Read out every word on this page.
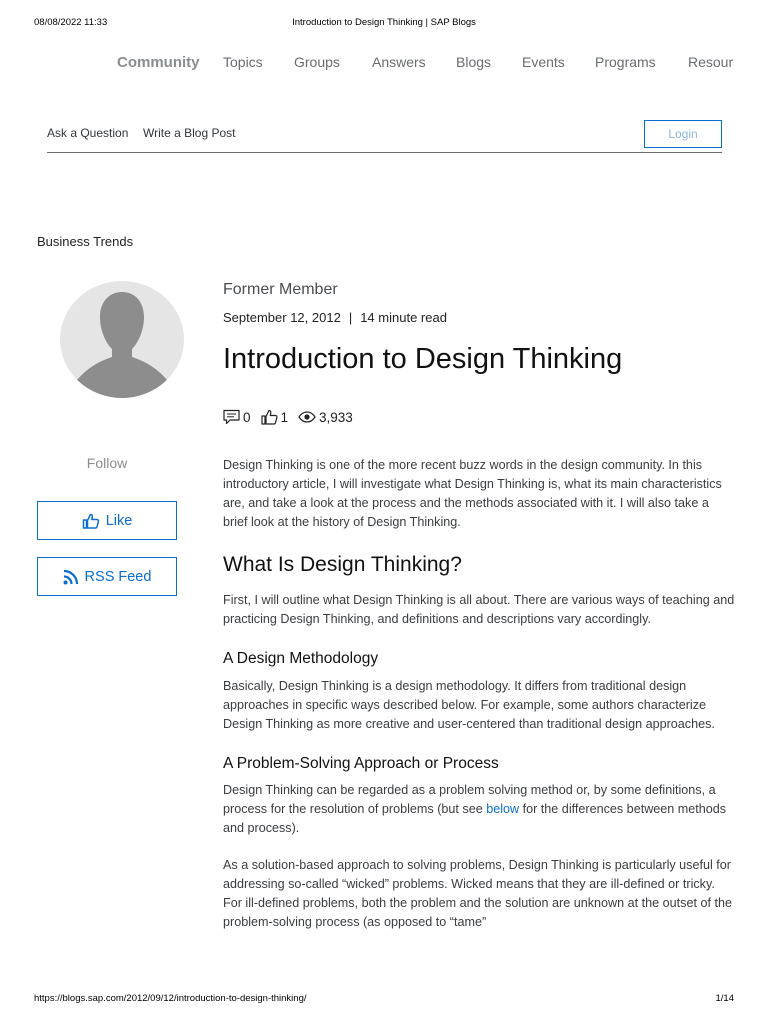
08/08/2022 11:33	Introduction to Design Thinking | SAP Blogs
Community Topics Groups Answers Blogs Events Programs Resour
Ask a Question Write a Blog Post	Login
Business Trends
Follow
Like
RSS Feed
Former Member
September 12, 2012 | 14 minute read
Introduction to Design Thinking
0 1 3,933

Design Thinking is one of the more recent buzz words in the design community. In this introductory article, I will investigate what Design Thinking is, what its main characteristics are, and take a look at the process and the methods associated with it. I will also take a brief look at the history of Design Thinking.

What Is Design Thinking?

First, I will outline what Design Thinking is all about. There are various ways of teaching and practicing Design Thinking, and definitions and descriptions vary accordingly.

A Design Methodology

Basically, Design Thinking is a design methodology. It differs from traditional design approaches in specific ways described below. For example, some authors characterize Design Thinking as more creative and user-centered than traditional design approaches.

A Problem-Solving Approach or Process

Design Thinking can be regarded as a problem solving method or, by some definitions, a process for the resolution of problems (but see below for the differences between methods and process).

As a solution-based approach to solving problems, Design Thinking is particularly useful for addressing so-called “wicked” problems. Wicked means that they are ill-defined or tricky. For ill-defined problems, both the problem and the solution are unknown at the outset of the problem-solving process (as opposed to “tame”

https://blogs.sap.com/2012/09/12/introduction-to-design-thinking/	1/14
